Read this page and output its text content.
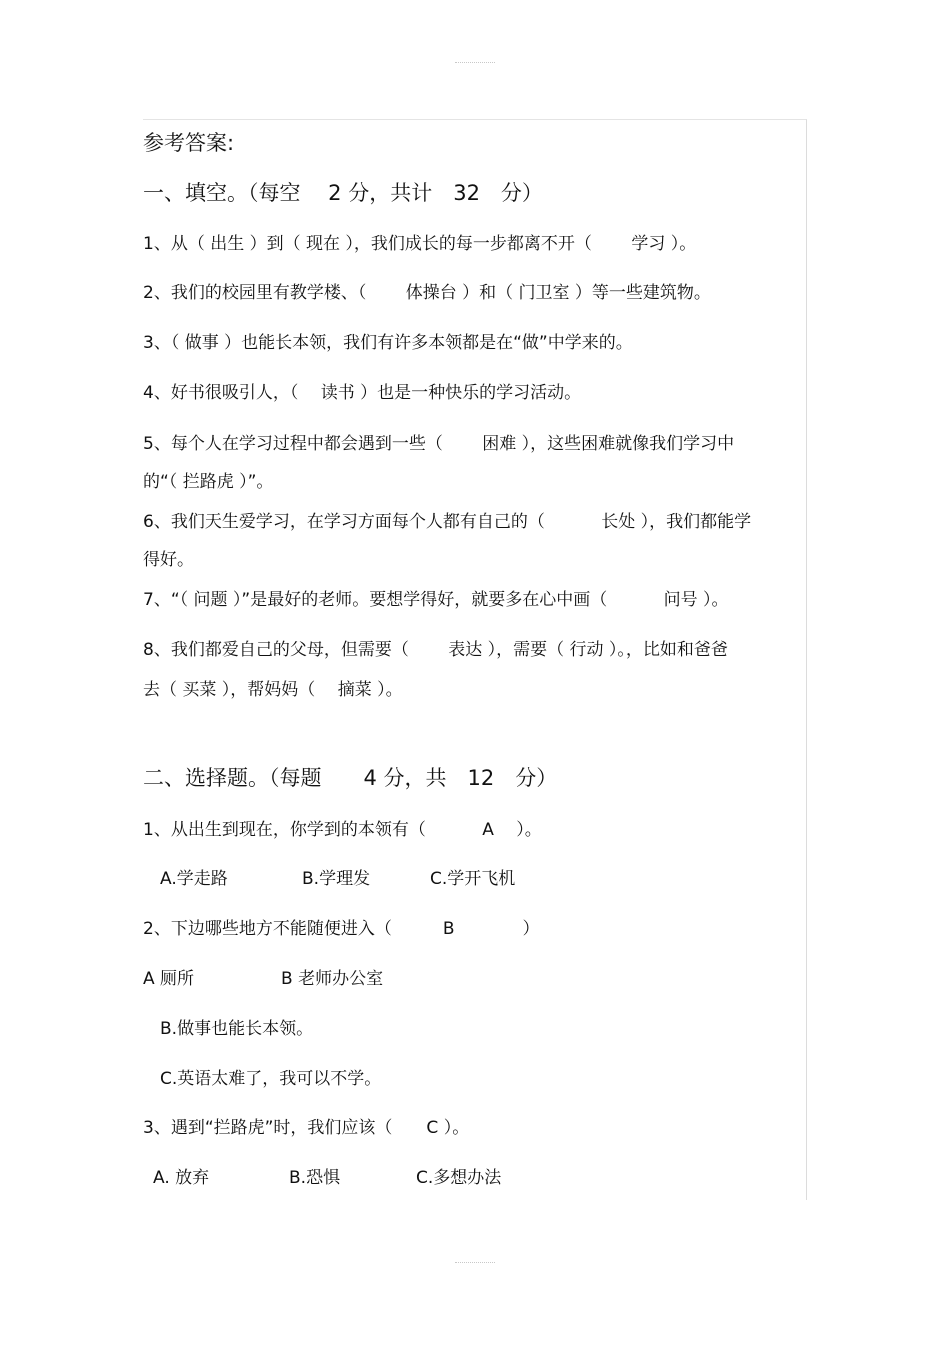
参考答案:
一、填空。（每空　 2 分，共计　32　分）
1、从（ 出生 ）到（ 现在 ），我们成长的每一步都离不开（　　 学习 ）。
2、我们的校园里有教学楼、（　　 体操台 ）和（ 门卫室 ）等一些建筑物。
3、（ 做事 ）也能长本领，我们有许多本领都是在“做”中学来的。
4、好书很吸引人，（　 读书 ）也是一种快乐的学习活动。
5、每个人在学习过程中都会遇到一些（　　 困难 ），这些困难就像我们学习中
的“（ 拦路虎 ）”。
6、我们天生爱学习，在学习方面每个人都有自己的（　　　 长处 ），我们都能学
得好。
7、“（ 问题 ）”是最好的老师。要想学得好，就要多在心中画（　　　 问号 ）。
8、我们都爱自己的父母，但需要（　　 表达 ），需要（ 行动 ）。，比如和爸爸
去（ 买菜 ），帮妈妈（　 摘菜 ）。
二、选择题。（每题　　4 分，共　12　分）
1、从出生到现在，你学到的本领有（　　　 A　 ）。
A.学走路	B.学理发	C.学开飞机
2、下边哪些地方不能随便进入（　　　B　　　　）
A 厕所	B 老师办公室
B.做事也能长本领。
C.英语太难了，我可以不学。
3、遇到“拦路虎”时，我们应该（　　C ）。
A. 放弃	B.恐惧	C.多想办法
